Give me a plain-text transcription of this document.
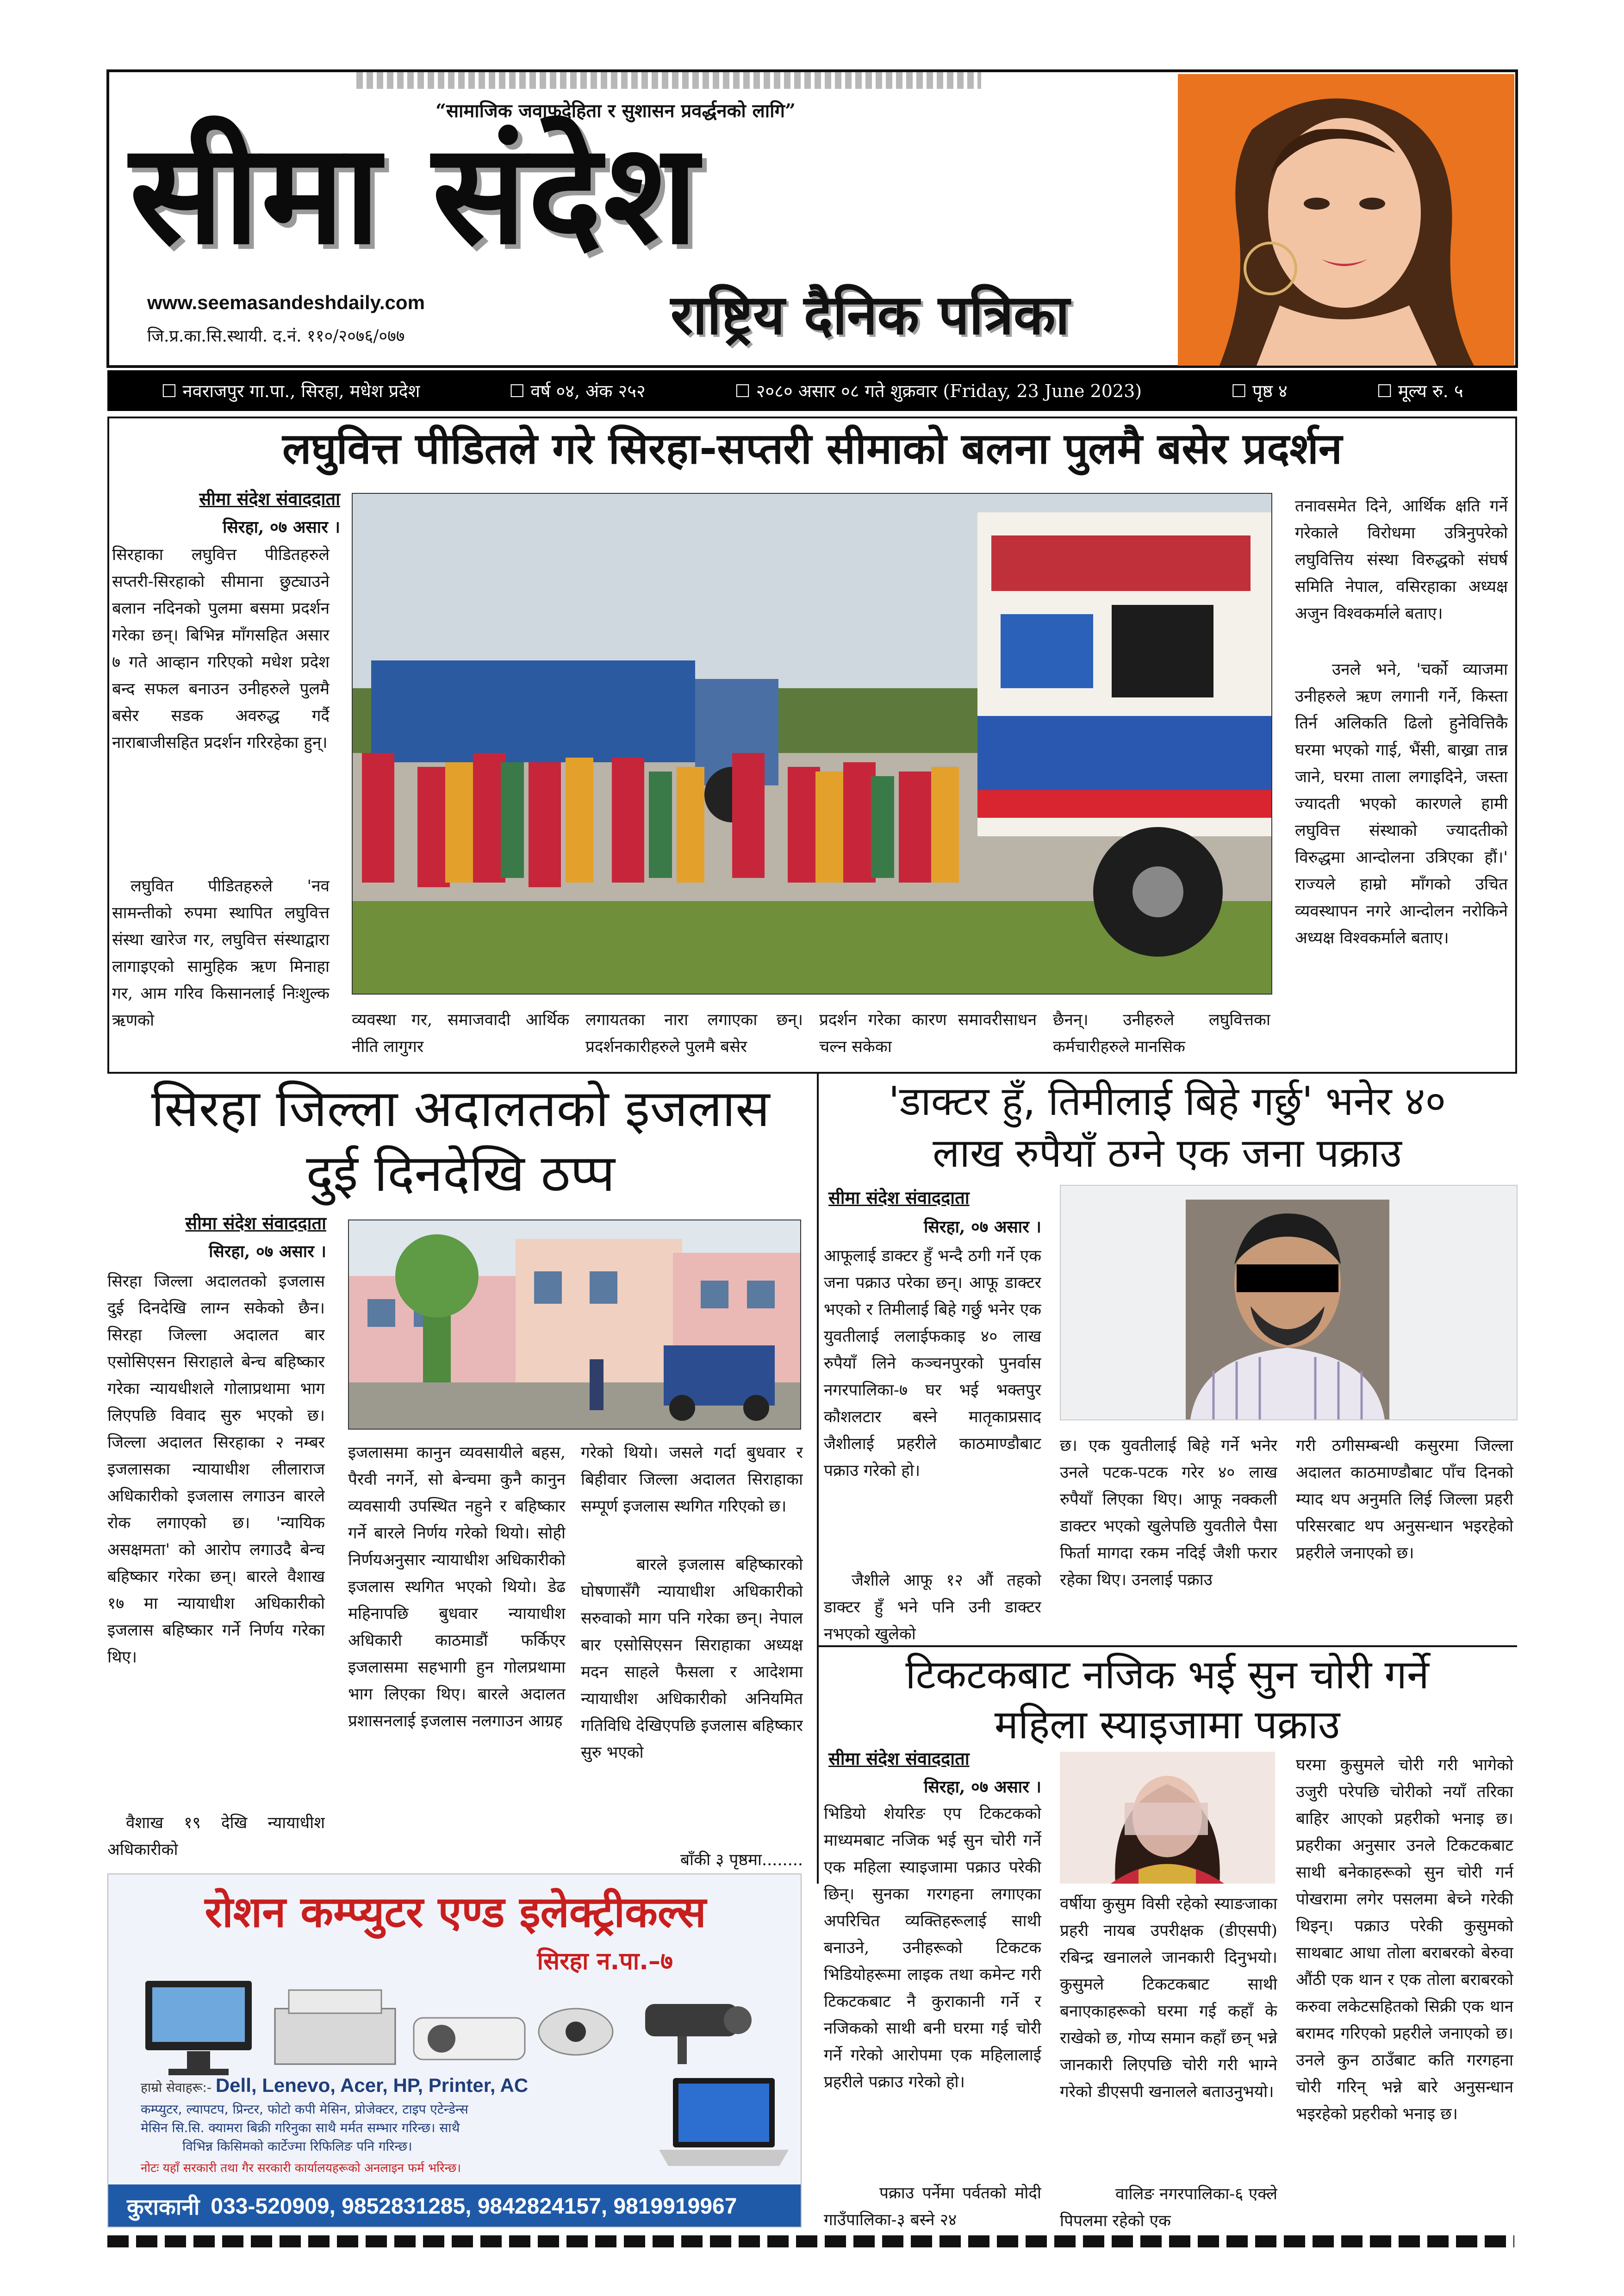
“सामाजिक जवाफदेहिता र सुशासन प्रवर्द्धनको लागि”
सीमा संदेश
www.seemasandeshdaily.com
जि.प्र.का.सि.स्थायी. द.नं. ११०/२०७६/०७७	राष्ट्रिय दैनिक पत्रिका
☐ नवराजपुर गा.पा., सिरहा, मधेश प्रदेश	☐ वर्ष ०४, अंक २५२	☐ २०८० असार ०८ गते शुक्रवार (Friday, 23 June 2023)	☐ पृष्ठ ४	☐ मूल्य रु. ५
लघुवित्त पीडितले गरे सिरहा-सप्तरी सीमाको बलना पुलमै बसेर प्रदर्शन
सीमा संदेश संवाददाता
सिरहा, ०७ असार ।
सिरहाका लघुवित्त पीडितहरुले सप्तरी-सिरहाको सीमाना छुट्याउने बलान नदिनको पुलमा बसमा प्रदर्शन गरेका छन्। बिभिन्न माँगसहित असार ७ गते आव्हान गरिएको मधेश प्रदेश बन्द सफल बनाउन उनीहरुले पुलमै बसेर सडक अवरुद्ध गर्दै नाराबाजीसहित प्रदर्शन गरिरहेका हुन्।
लघुवित पीडितहरुले 'नव सामन्तीको रुपमा स्थापित लघुवित्त संस्था खारेज गर, लघुवित्त संस्थाद्वारा लागाइएको सामुहिक ऋण मिनाहा गर, आम गरिव किसानलाई निःशुल्क ऋणको	व्यवस्था गर, समाजवादी आर्थिक नीति लागुगर
लगायतका नारा लगाएका छन्। प्रदर्शनकारीहरुले पुलमै बसेर
प्रदर्शन गरेका कारण समावरीसाधन चल्न सकेका
छैनन्। उनीहरुले लघुवित्तका कर्मचारीहरुले मानसिक
तनावसमेत दिने, आर्थिक क्षति गर्ने गरेकाले विरोधमा उत्रिनुपरेको लघुवित्तिय संस्था विरुद्धको संघर्ष समिति नेपाल, वसिरहाका अध्यक्ष अजुन विश्वकर्माले बताए।
उनले भने, 'चर्को व्याजमा उनीहरुले ऋण लगानी गर्ने, किस्ता तिर्न अलिकति ढिलो हुनेवित्तिकै घरमा भएको गाई, भैंसी, बाख्रा तान्न जाने, घरमा ताला लगाइदिने, जस्ता ज्यादती भएको कारणले हामी लघुवित्त संस्थाको ज्यादतीको विरुद्धमा आन्दोलना उत्रिएका हौं।' राज्यले हाम्रो माँगको उचित व्यवस्थापन नगरे आन्दोलन नरोकिने अध्यक्ष विश्वकर्माले बताए।
सिरहा जिल्ला अदालतको इजलास
दुई दिनदेखि ठप्प
सीमा संदेश संवाददाता
सिरहा, ०७ असार ।
सिरहा जिल्ला अदालतको इजलास दुई दिनदेखि लाग्न सकेको छैन। सिरहा जिल्ला अदालत बार एसोसिएसन सिराहाले बेन्च बहिष्कार गरेका न्यायधीशले गोलाप्रथामा भाग लिएपछि विवाद सुरु भएको छ। जिल्ला अदालत सिरहाका २ नम्बर इजलासका न्यायाधीश लीलाराज अधिकारीको इजलास लगाउन बारले रोक लगाएको छ। 'न्यायिक असक्षमता' को आरोप लगाउदै बेन्च बहिष्कार गरेका छन्। बारले वैशाख १७ मा न्यायाधीश अधिकारीको इजलास बहिष्कार गर्ने निर्णय गरेका थिए।
वैशाख १९ देखि न्यायाधीश अधिकारीको
इजलासमा कानुन व्यवसायीले बहस, पैरवी नगर्ने, सो बेन्चमा कुनै कानुन व्यवसायी उपस्थित नहुने र बहिष्कार गर्ने बारले निर्णय गरेको थियो। सोही निर्णयअनुसार न्यायाधीश अधिकारीको इजलास स्थगित भएको थियो। डेढ महिनापछि बुधवार न्यायाधीश अधिकारी काठमाडौं फर्किएर इजलासमा सहभागी हुन गोलप्रथामा भाग लिएका थिए। बारले अदालत प्रशासनलाई इजलास नलगाउन आग्रह
गरेको थियो। जसले गर्दा बुधवार र बिहीवार जिल्ला अदालत सिराहाका सम्पूर्ण इजलास स्थगित गरिएको छ।
बारले इजलास बहिष्कारको घोषणासँगै न्यायाधीश अधिकारीको सरुवाको माग पनि गरेका छन्। नेपाल बार एसोसिएसन सिराहाका अध्यक्ष मदन साहले फैसला र आदेशमा न्यायाधीश अधिकारीको अनियमित गतिविधि देखिएपछि इजलास बहिष्कार सुरु भएको
बाँकी ३ पृष्ठमा........
'डाक्टर हुँ, तिमीलाई बिहे गर्छु' भनेर ४०
लाख रुपैयाँ ठग्ने एक जना पक्राउ
सीमा संदेश संवाददाता
सिरहा, ०७ असार ।
आफूलाई डाक्टर हुँ भन्दै ठगी गर्ने एक जना पक्राउ परेका छन्। आफू डाक्टर भएको र तिमीलाई बिहे गर्छु भनेर एक युवतीलाई ललाईफकाइ ४० लाख रुपैयाँ लिने कञ्चनपुरको पुनर्वास नगरपालिका-७ घर भई भक्तपुर कौशलटार बस्ने मातृकाप्रसाद जैशीलाई प्रहरीले काठमाण्डौबाट पक्राउ गरेको हो।
जैशीले आफू १२ औं तहको डाक्टर हुँ भने पनि उनी डाक्टर नभएको खुलेको
छ। एक युवतीलाई बिहे गर्ने भनेर उनले पटक-पटक गरेर ४० लाख रुपैयाँ लिएका थिए। आफू नक्कली डाक्टर भएको खुलेपछि युवतीले पैसा फिर्ता मागदा रकम नदिई जैशी फरार रहेका थिए। उनलाई पक्राउ
गरी ठगीसम्बन्धी कसुरमा जिल्ला अदालत काठमाण्डौबाट पाँच दिनको म्याद थप अनुमति लिई जिल्ला प्रहरी परिसरबाट थप अनुसन्धान भइरहेको प्रहरीले जनाएको छ।
टिकटकबाट नजिक भई सुन चोरी गर्ने
महिला स्याइजामा पक्राउ
सीमा संदेश संवाददाता
सिरहा, ०७ असार ।
भिडियो शेयरिङ एप टिकटकको माध्यमबाट नजिक भई सुन चोरी गर्ने एक महिला स्याइजामा पक्राउ परेकी छिन्। सुनका गरगहना लगाएका अपरिचित व्यक्तिहरूलाई साथी बनाउने, उनीहरूको टिकटक भिडियोहरूमा लाइक तथा कमेन्ट गरी टिकटकबाट नै कुराकानी गर्ने र नजिकको साथी बनी घरमा गई चोरी गर्ने गरेको आरोपमा एक महिलालाई प्रहरीले पक्राउ गरेको हो।
पक्राउ पर्नेमा पर्वतको मोदी गाउँपालिका-३ बस्ने २४
वर्षीया कुसुम विसी रहेको स्याङजाका प्रहरी नायब उपरीक्षक (डीएसपी) रबिन्द्र खनालले जानकारी दिनुभयो। कुसुमले टिकटकबाट साथी बनाएकाहरूको घरमा गई कहाँ के राखेको छ, गोप्य समान कहाँ छन् भन्ने जानकारी लिएपछि चोरी गरी भाग्ने गरेको डीएसपी खनालले बताउनुभयो।
वालिङ नगरपालिका-६ एक्ले पिपलमा रहेको एक
घरमा कुसुमले चोरी गरी भागेको उजुरी परेपछि चोरीको नयाँ तरिका बाहिर आएको प्रहरीको भनाइ छ। प्रहरीका अनुसार उनले टिकटकबाट साथी बनेकाहरूको सुन चोरी गर्न पोखरामा लगेर पसलमा बेच्ने गरेकी थिइन्। पक्राउ परेकी कुसुमको साथबाट आधा तोला बराबरको बेरुवा औंठी एक थान र एक तोला बराबरको करुवा लकेटसहितको सिक्री एक थान बरामद गरिएको प्रहरीले जनाएको छ। उनले कुन ठाउँबाट कति गरगहना चोरी गरिन् भन्ने बारे अनुसन्धान भइरहेको प्रहरीको भनाइ छ।
रोशन कम्प्युटर एण्ड इलेक्ट्रीकल्स
सिरहा न.पा.–७
हाम्रो सेवाहरू:- Dell, Lenevo, Acer, HP, Printer, AC
कम्प्युटर, ल्यापटप, प्रिन्टर, फोटो कपी मेसिन, प्रोजेक्टर, टाइप एटेन्डेन्स
मेसिन सि.सि. क्यामरा बिक्री गरिनुका साथै मर्मत सम्भार गरिन्छ। साथै
विभिन्न किसिमको कार्टेज्मा रिफिलिङ पनि गरिन्छ।
नोटः यहाँ सरकारी तथा गैर सरकारी कार्यालयहरूको अनलाइन फर्म भरिन्छ।
कुराकानी 033-520909, 9852831285, 9842824157, 9819919967
